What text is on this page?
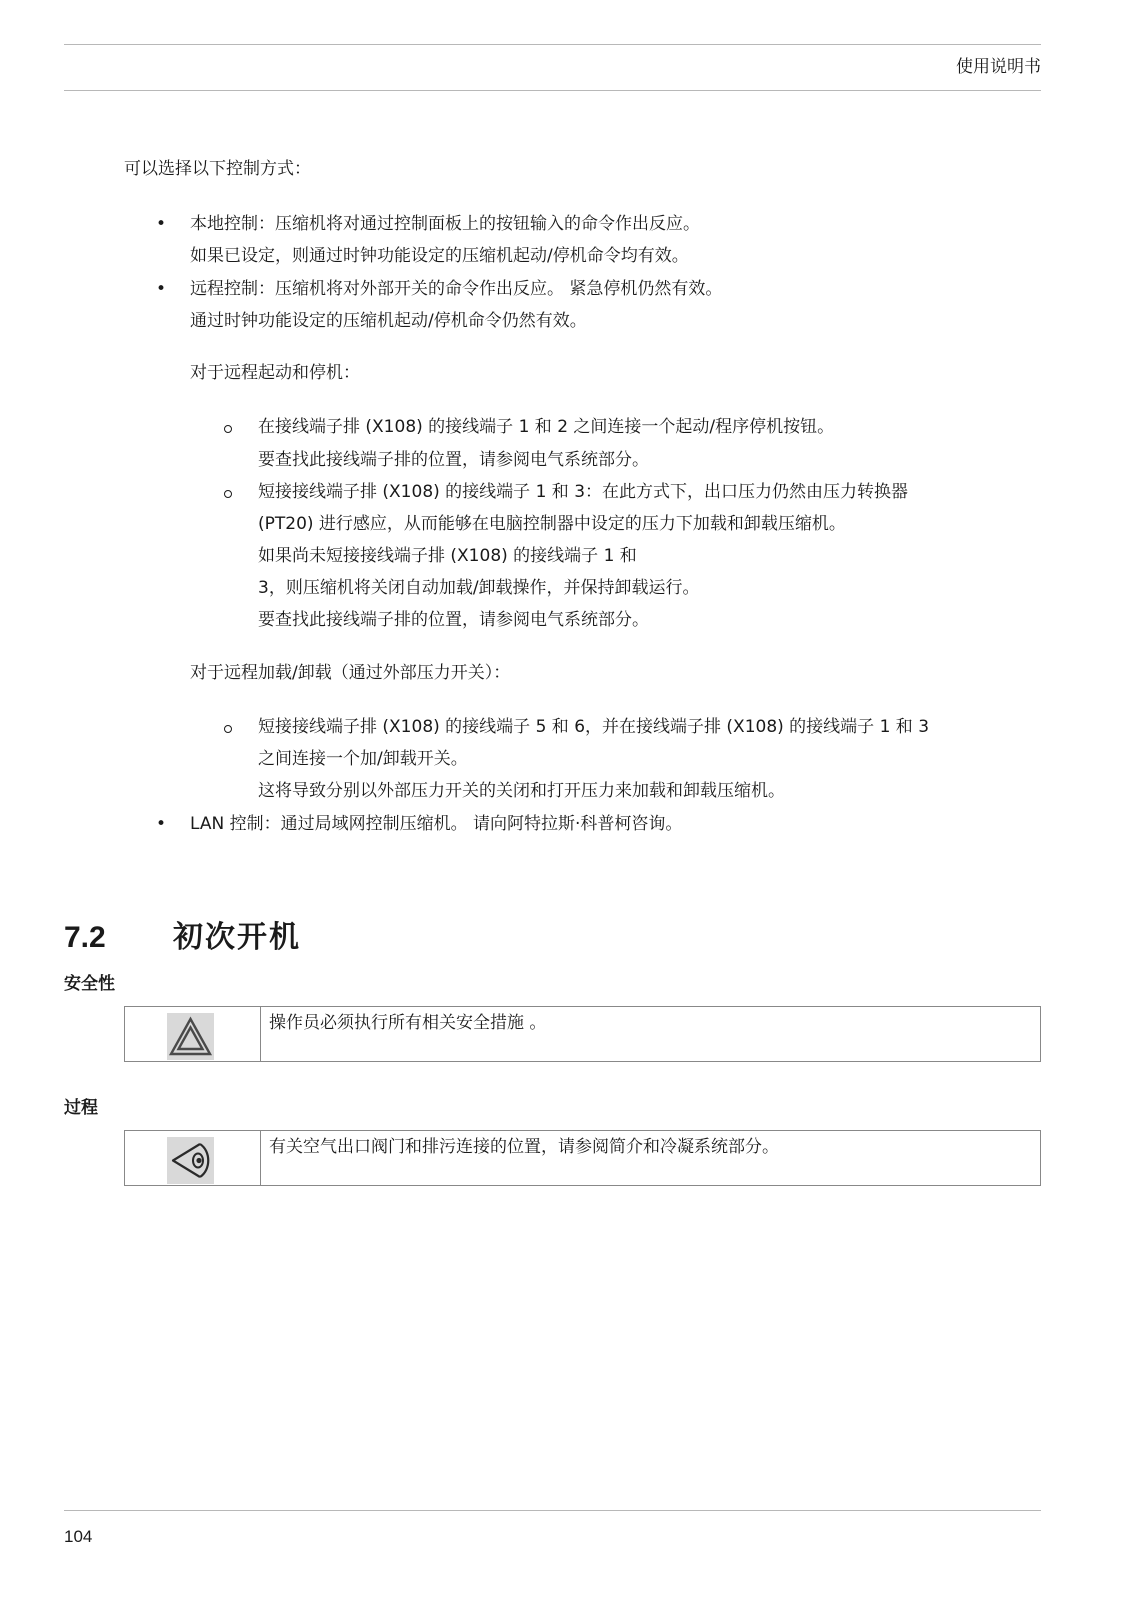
使用说明书
可以选择以下控制方式：
• 本地控制：压缩机将对通过控制面板上的按钮输入的命令作出反应。
如果已设定，则通过时钟功能设定的压缩机起动/停机命令均有效。
• 远程控制：压缩机将对外部开关的命令作出反应。 紧急停机仍然有效。
通过时钟功能设定的压缩机起动/停机命令仍然有效。
对于远程起动和停机：
在接线端子排 (X108) 的接线端子 1 和 2 之间连接一个起动/程序停机按钮。
要查找此接线端子排的位置，请参阅电气系统部分。
短接接线端子排 (X108) 的接线端子 1 和 3：在此方式下，出口压力仍然由压力转换器
(PT20) 进行感应，从而能够在电脑控制器中设定的压力下加载和卸载压缩机。
如果尚未短接接线端子排 (X108) 的接线端子 1 和
3，则压缩机将关闭自动加载/卸载操作，并保持卸载运行。
要查找此接线端子排的位置，请参阅电气系统部分。
对于远程加载/卸载（通过外部压力开关）：
短接接线端子排 (X108) 的接线端子 5 和 6，并在接线端子排 (X108) 的接线端子 1 和 3
之间连接一个加/卸载开关。
这将导致分别以外部压力开关的关闭和打开压力来加载和卸载压缩机。
• LAN 控制：通过局域网控制压缩机。 请向阿特拉斯·科普柯咨询。
7.2 初次开机
安全性
操作员必须执行所有相关安全措施 。
过程
有关空气出口阀门和排污连接的位置，请参阅简介和冷凝系统部分。
104
